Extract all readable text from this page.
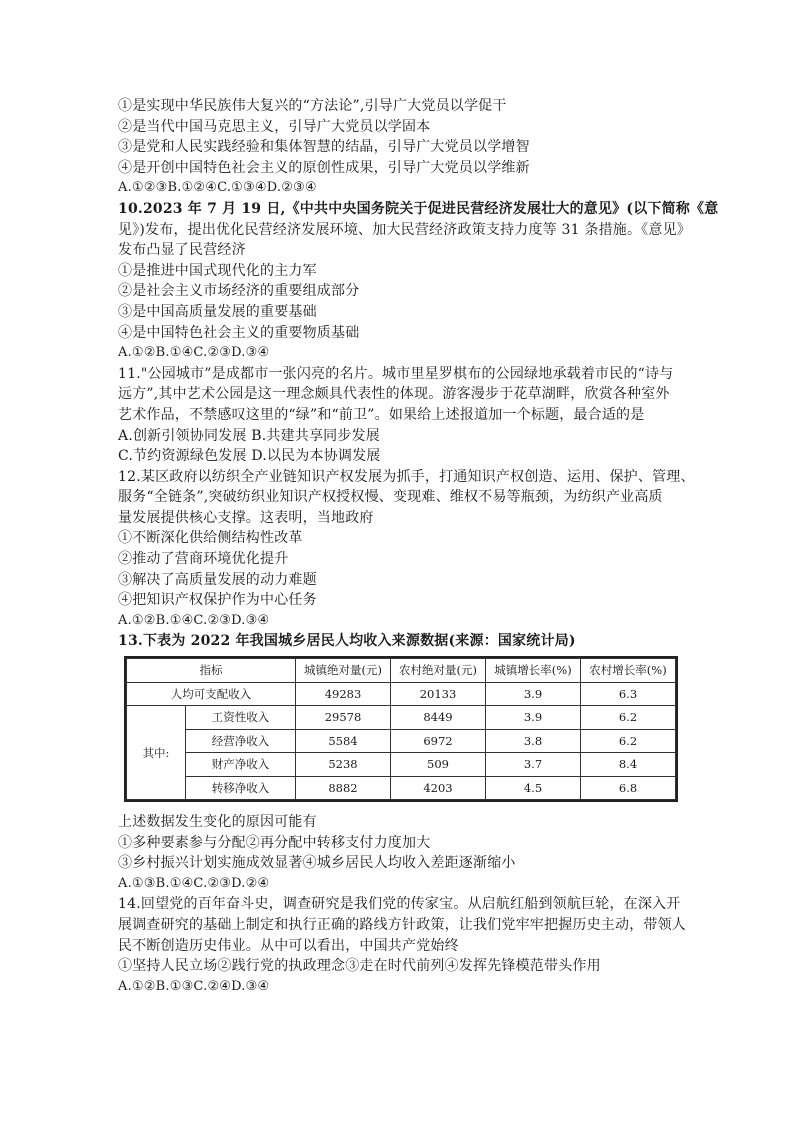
①是实现中华民族伟大复兴的“方法论”,引导广大党员以学促干
②是当代中国马克思主义，引导广大党员以学固本
③是党和人民实践经验和集体智慧的结晶，引导广大党员以学增智
④是开创中国特色社会主义的原创性成果，引导广大党员以学维新
A.①②③B.①②④C.①③④D.②③④
10.2023 年 7 月 19 日,《中共中央国务院关于促进民营经济发展壮大的意见》(以下简称《意
见》)发布，提出优化民营经济发展环境、加大民营经济政策支持力度等 31 条措施。《意见》
发布凸显了民营经济
①是推进中国式现代化的主力军
②是社会主义市场经济的重要组成部分
③是中国高质量发展的重要基础
④是中国特色社会主义的重要物质基础
A.①②B.①④C.②③D.③④
11."公园城市”是成都市一张闪亮的名片。城市里星罗棋布的公园绿地承载着市民的“诗与
远方”,其中艺术公园是这一理念颇具代表性的体现。游客漫步于花草湖畔，欣赏各种室外
艺术作品，不禁感叹这里的“绿”和“前卫”。如果给上述报道加一个标题，最合适的是
A.创新引领协同发展 B.共建共享同步发展
C.节约资源绿色发展 D.以民为本协调发展
12.某区政府以纺织全产业链知识产权发展为抓手，打通知识产权创造、运用、保护、管理、
服务“全链条”,突破纺织业知识产权授权慢、变现难、维权不易等瓶颈，为纺织产业高质
量发展提供核心支撑。这表明，当地政府
①不断深化供给侧结构性改革
②推动了营商环境优化提升
③解决了高质量发展的动力难题
④把知识产权保护作为中心任务
A.①②B.①④C.②③D.③④
13.下表为 2022 年我国城乡居民人均收入来源数据(来源：国家统计局)
指标		城镇绝对量(元)	农村绝对量(元)	城镇增长率(%)	农村增长率(%)
人均可支配收入		49283	20133	3.9	6.3
其中:	工资性收入	29578	8449	3.9	6.2
	经营净收入	5584	6972	3.8	6.2
	财产净收入	5238	509	3.7	8.4
	转移净收入	8882	4203	4.5	6.8
上述数据发生变化的原因可能有
①多种要素参与分配②再分配中转移支付力度加大
③乡村振兴计划实施成效显著④城乡居民人均收入差距逐渐缩小
A.①③B.①④C.②③D.②④
14.回望党的百年奋斗史，调查研究是我们党的传家宝。从启航红船到领航巨轮，在深入开
展调查研究的基础上制定和执行正确的路线方针政策，让我们党牢牢把握历史主动，带领人
民不断创造历史伟业。从中可以看出，中国共产党始终
①坚持人民立场②践行党的执政理念③走在时代前列④发挥先锋模范带头作用
A.①②B.①③C.②④D.③④
